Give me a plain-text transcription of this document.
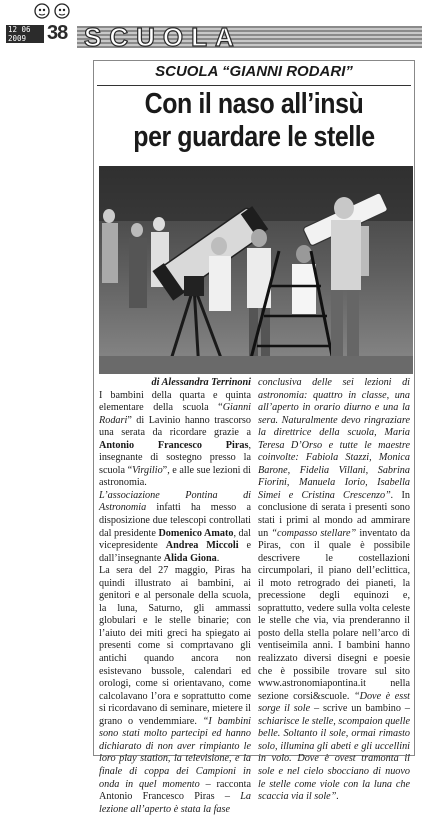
12 06 2009	38 SCUOLA
SCUOLA “GIANNI RODARI”
Con il naso all’insù
per guardare le stelle
di Alessandra Terrinoni

I bambini della quarta e quinta elementare della scuola “Gianni Rodari” di Lavinio hanno trascorso una serata da ricordare grazie a Antonio Francesco Piras, insegnante di sostegno presso la scuola “Virgilio”, e alle sue lezioni di astronomia.

L’associazione Pontina di Astronomia infatti ha messo a disposizione due telescopi controllati dal presidente Domenico Amato, dal vicepresidente Andrea Miccoli e dall’insegnante Alida Giona.

La sera del 27 maggio, Piras ha quindi illustrato ai bambini, ai genitori e al personale della scuola, la luna, Saturno, gli ammassi globulari e le stelle binarie; con l’aiuto dei miti greci ha spiegato ai presenti come si comprtavano gli antichi quando ancora non esistevano bussole, calendari ed orologi, come si orientavano, come calcolavano l’ora e soprattutto come si ricordavano di seminare, mietere il grano o vendemmiare. “I bambini sono stati molto partecipi ed hanno dichiarato di non aver rimpianto le loro play station, la televisione, e la finale di coppa dei Campioni in onda in quel momento – racconta Antonio Francesco Piras – La lezione all’aperto è stata la fase

conclusiva delle sei lezioni di astronomia: quattro in classe, una all’aperto in orario diurno e una la sera. Naturalmente devo ringraziare la direttrice della scuola, Maria Teresa D’Orso e tutte le maestre coinvolte: Fabiola Stazzi, Monica Barone, Fidelia Villani, Sabrina Fiorini, Manuela Iorio, Isabella Simei e Cristina Crescenzo”. In conclusione di serata i presenti sono stati i primi al mondo ad ammirare un “compasso stellare” inventato da Piras, con il quale è possibile descrivere le costellazioni circumpolari, il piano dell’eclittica, il moto retrogrado dei pianeti, la precessione degli equinozi e, soprattutto, vedere sulla volta celeste le stelle che via, via prenderanno il posto della stella polare nell’arco di ventiseimila anni. I bambini hanno realizzato diversi disegni e poesie che è possibile trovare sul sito www.astronomiapontina.it nella sezione corsi&scuole. “Dove è esst sorge il sole – scrive un bambino – schiarisce le stelle, scompaion quelle belle. Soltanto il sole, ormai rimasto solo, illumina gli abeti e gli uccellini in volo. Dove è ovest tramonta il sole e nel cielo sbocciano di nuovo le stelle come viole con la luna che scaccia via il sole”.
